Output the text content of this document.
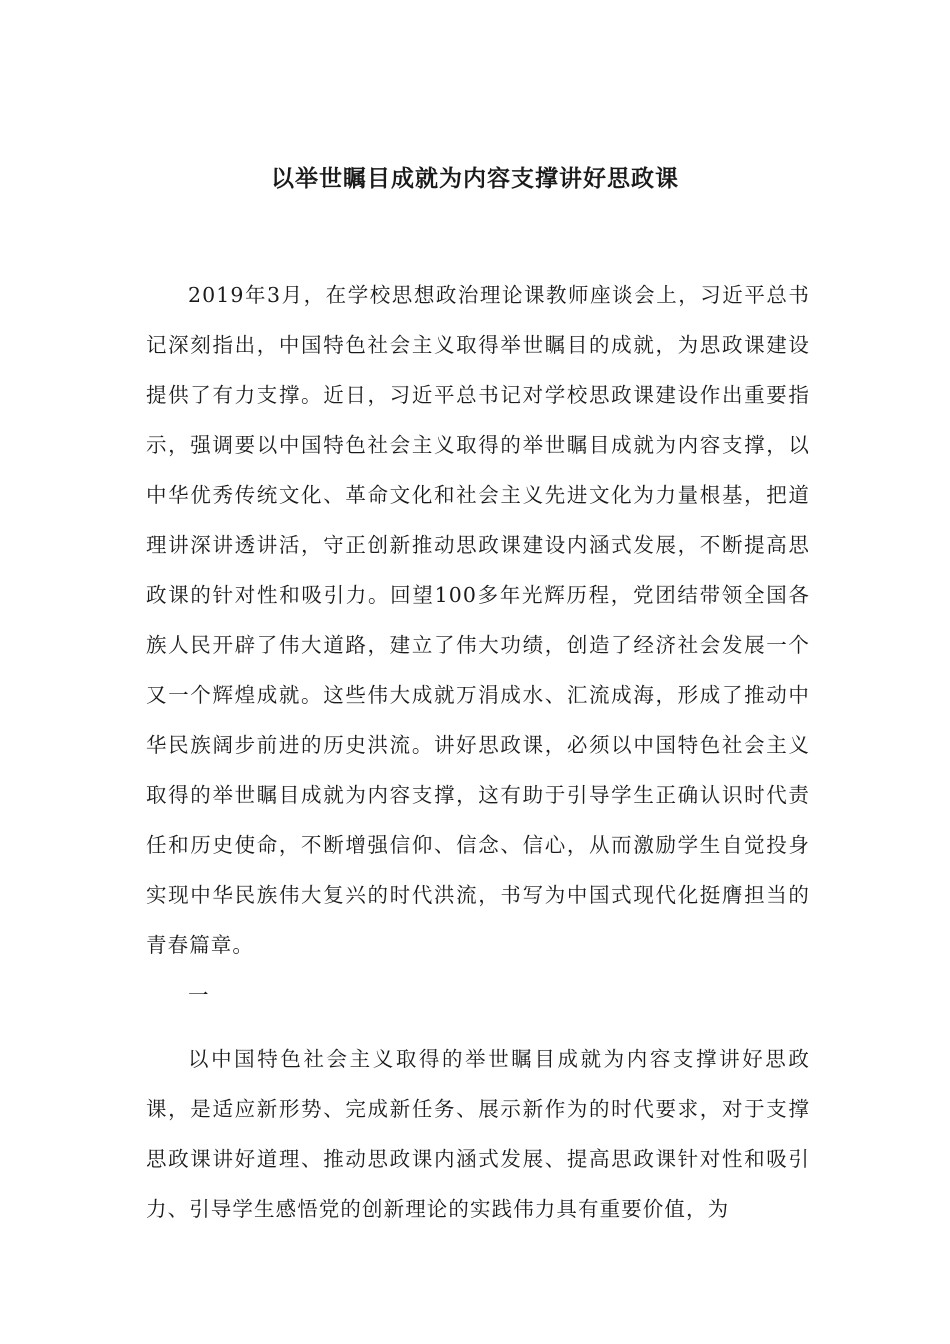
以举世瞩目成就为内容支撑讲好思政课

2019年3月，在学校思想政治理论课教师座谈会上，习近平总书记深刻指出，中国特色社会主义取得举世瞩目的成就，为思政课建设提供了有力支撑。近日，习近平总书记对学校思政课建设作出重要指示，强调要以中国特色社会主义取得的举世瞩目成就为内容支撑，以中华优秀传统文化、革命文化和社会主义先进文化为力量根基，把道理讲深讲透讲活，守正创新推动思政课建设内涵式发展，不断提高思政课的针对性和吸引力。回望100多年光辉历程，党团结带领全国各族人民开辟了伟大道路，建立了伟大功绩，创造了经济社会发展一个又一个辉煌成就。这些伟大成就万涓成水、汇流成海，形成了推动中华民族阔步前进的历史洪流。讲好思政课，必须以中国特色社会主义取得的举世瞩目成就为内容支撑，这有助于引导学生正确认识时代责任和历史使命，不断增强信仰、信念、信心，从而激励学生自觉投身实现中华民族伟大复兴的时代洪流，书写为中国式现代化挺膺担当的青春篇章。

一

以中国特色社会主义取得的举世瞩目成就为内容支撑讲好思政课，是适应新形势、完成新任务、展示新作为的时代要求，对于支撑思政课讲好道理、推动思政课内涵式发展、提高思政课针对性和吸引力、引导学生感悟党的创新理论的实践伟力具有重要价值，为
